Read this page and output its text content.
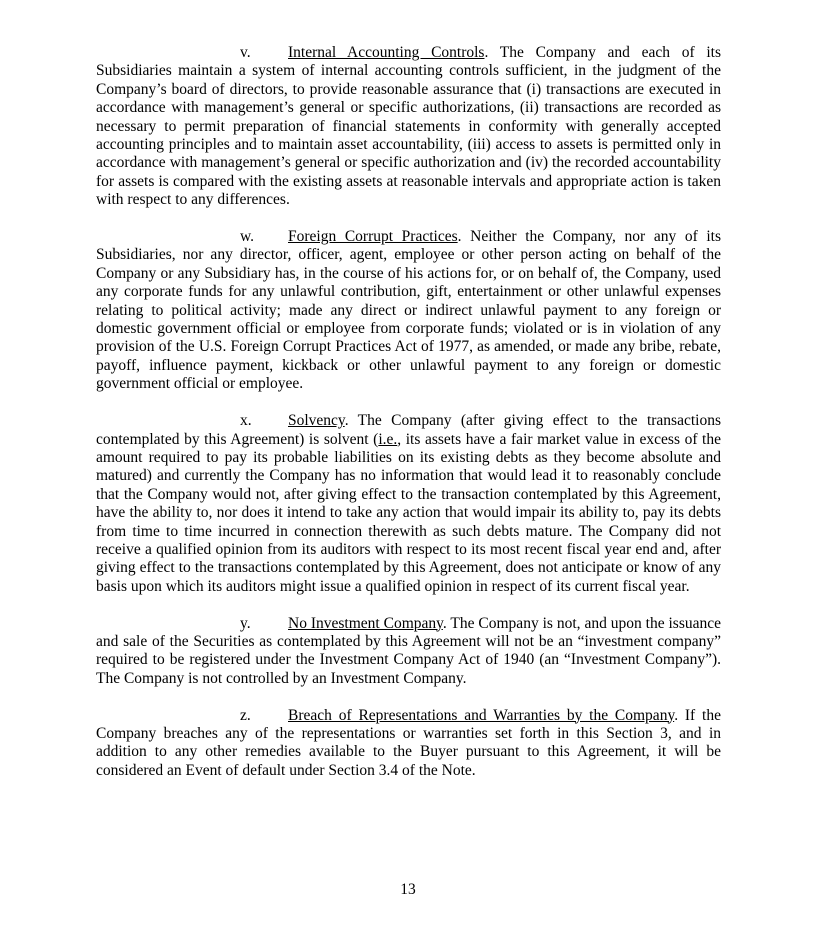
v. Internal Accounting Controls. The Company and each of its Subsidiaries maintain a system of internal accounting controls sufficient, in the judgment of the Company’s board of directors, to provide reasonable assurance that (i) transactions are executed in accordance with management’s general or specific authorizations, (ii) transactions are recorded as necessary to permit preparation of financial statements in conformity with generally accepted accounting principles and to maintain asset accountability, (iii) access to assets is permitted only in accordance with management’s general or specific authorization and (iv) the recorded accountability for assets is compared with the existing assets at reasonable intervals and appropriate action is taken with respect to any differences.

w. Foreign Corrupt Practices. Neither the Company, nor any of its Subsidiaries, nor any director, officer, agent, employee or other person acting on behalf of the Company or any Subsidiary has, in the course of his actions for, or on behalf of, the Company, used any corporate funds for any unlawful contribution, gift, entertainment or other unlawful expenses relating to political activity; made any direct or indirect unlawful payment to any foreign or domestic government official or employee from corporate funds; violated or is in violation of any provision of the U.S. Foreign Corrupt Practices Act of 1977, as amended, or made any bribe, rebate, payoff, influence payment, kickback or other unlawful payment to any foreign or domestic government official or employee.

x. Solvency. The Company (after giving effect to the transactions contemplated by this Agreement) is solvent (i.e., its assets have a fair market value in excess of the amount required to pay its probable liabilities on its existing debts as they become absolute and matured) and currently the Company has no information that would lead it to reasonably conclude that the Company would not, after giving effect to the transaction contemplated by this Agreement, have the ability to, nor does it intend to take any action that would impair its ability to, pay its debts from time to time incurred in connection therewith as such debts mature. The Company did not receive a qualified opinion from its auditors with respect to its most recent fiscal year end and, after giving effect to the transactions contemplated by this Agreement, does not anticipate or know of any basis upon which its auditors might issue a qualified opinion in respect of its current fiscal year.

y. No Investment Company. The Company is not, and upon the issuance and sale of the Securities as contemplated by this Agreement will not be an “investment company” required to be registered under the Investment Company Act of 1940 (an “Investment Company”). The Company is not controlled by an Investment Company.

z. Breach of Representations and Warranties by the Company. If the Company breaches any of the representations or warranties set forth in this Section 3, and in addition to any other remedies available to the Buyer pursuant to this Agreement, it will be considered an Event of default under Section 3.4 of the Note.

13
